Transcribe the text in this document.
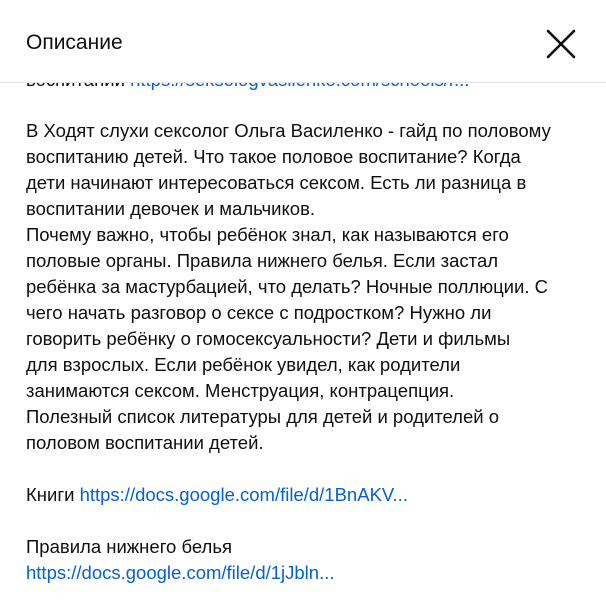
В Ходят слухи сексолог Ольга Василенко - гайд по половому
воспитанию детей. Что такое половое воспитание? Когда
дети начинают интересоваться сексом. Есть ли разница в
воспитании девочек и мальчиков.
Почему важно, чтобы ребёнок знал, как называются его
половые органы. Правила нижнего белья. Если застал
ребёнка за мастурбацией, что делать? Ночные поллюции. С
чего начать разговор о сексе с подростком? Нужно ли
говорить ребёнку о гомосексуальности? Дети и фильмы
для взрослых. Если ребёнок увидел, как родители
занимаются сексом. Менструация, контрацепция.
Полезный список литературы для детей и родителей о
половом воспитании детей.

Книги https://docs.google.com/file/d/1BnAKV...

Правила нижнего белья
https://docs.google.com/file/d/1jJbln...

Описание
